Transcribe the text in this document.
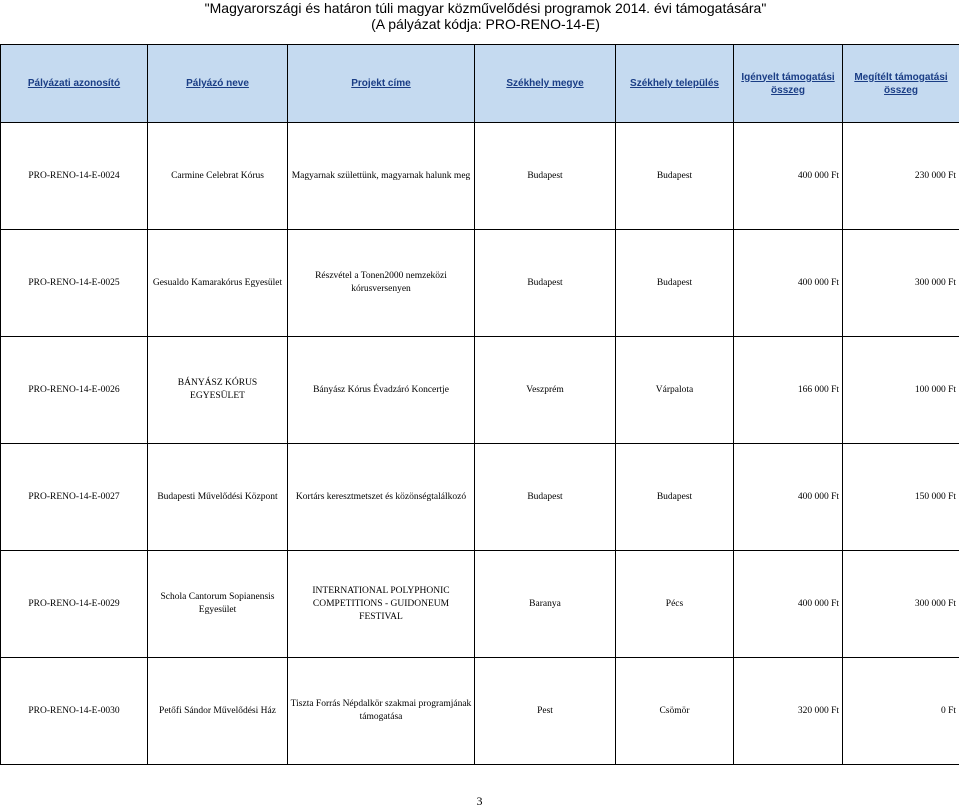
"Magyarországi és határon túli magyar közművelődési programok 2014. évi támogatására"
(A pályázat kódja: PRO-RENO-14-E)
Pályázati azonosító	Pályázó neve	Projekt címe	Székhely megye	Székhely település	Igényelt támogatási összeg	Megítélt támogatási összeg
PRO-RENO-14-E-0024	Carmine Celebrat Kórus	Magyarnak születtünk, magyarnak halunk meg	Budapest	Budapest	400 000 Ft	230 000 Ft
PRO-RENO-14-E-0025	Gesualdo Kamarakórus Egyesület	Részvétel a Tonen2000 nemzeközi kórusversenyen	Budapest	Budapest	400 000 Ft	300 000 Ft
PRO-RENO-14-E-0026	BÁNYÁSZ KÓRUS EGYESÜLET	Bányász Kórus Évadzáró Koncertje	Veszprém	Várpalota	166 000 Ft	100 000 Ft
PRO-RENO-14-E-0027	Budapesti Művelődési Központ	Kortárs keresztmetszet és közönségtalálkozó	Budapest	Budapest	400 000 Ft	150 000 Ft
PRO-RENO-14-E-0029	Schola Cantorum Sopianensis Egyesület	INTERNATIONAL POLYPHONIC COMPETITIONS - GUIDONEUM FESTIVAL	Baranya	Pécs	400 000 Ft	300 000 Ft
PRO-RENO-14-E-0030	Petőfi Sándor Művelődési Ház	Tiszta Forrás Népdalkör szakmai programjának támogatása	Pest	Csömör	320 000 Ft	0 Ft
3
